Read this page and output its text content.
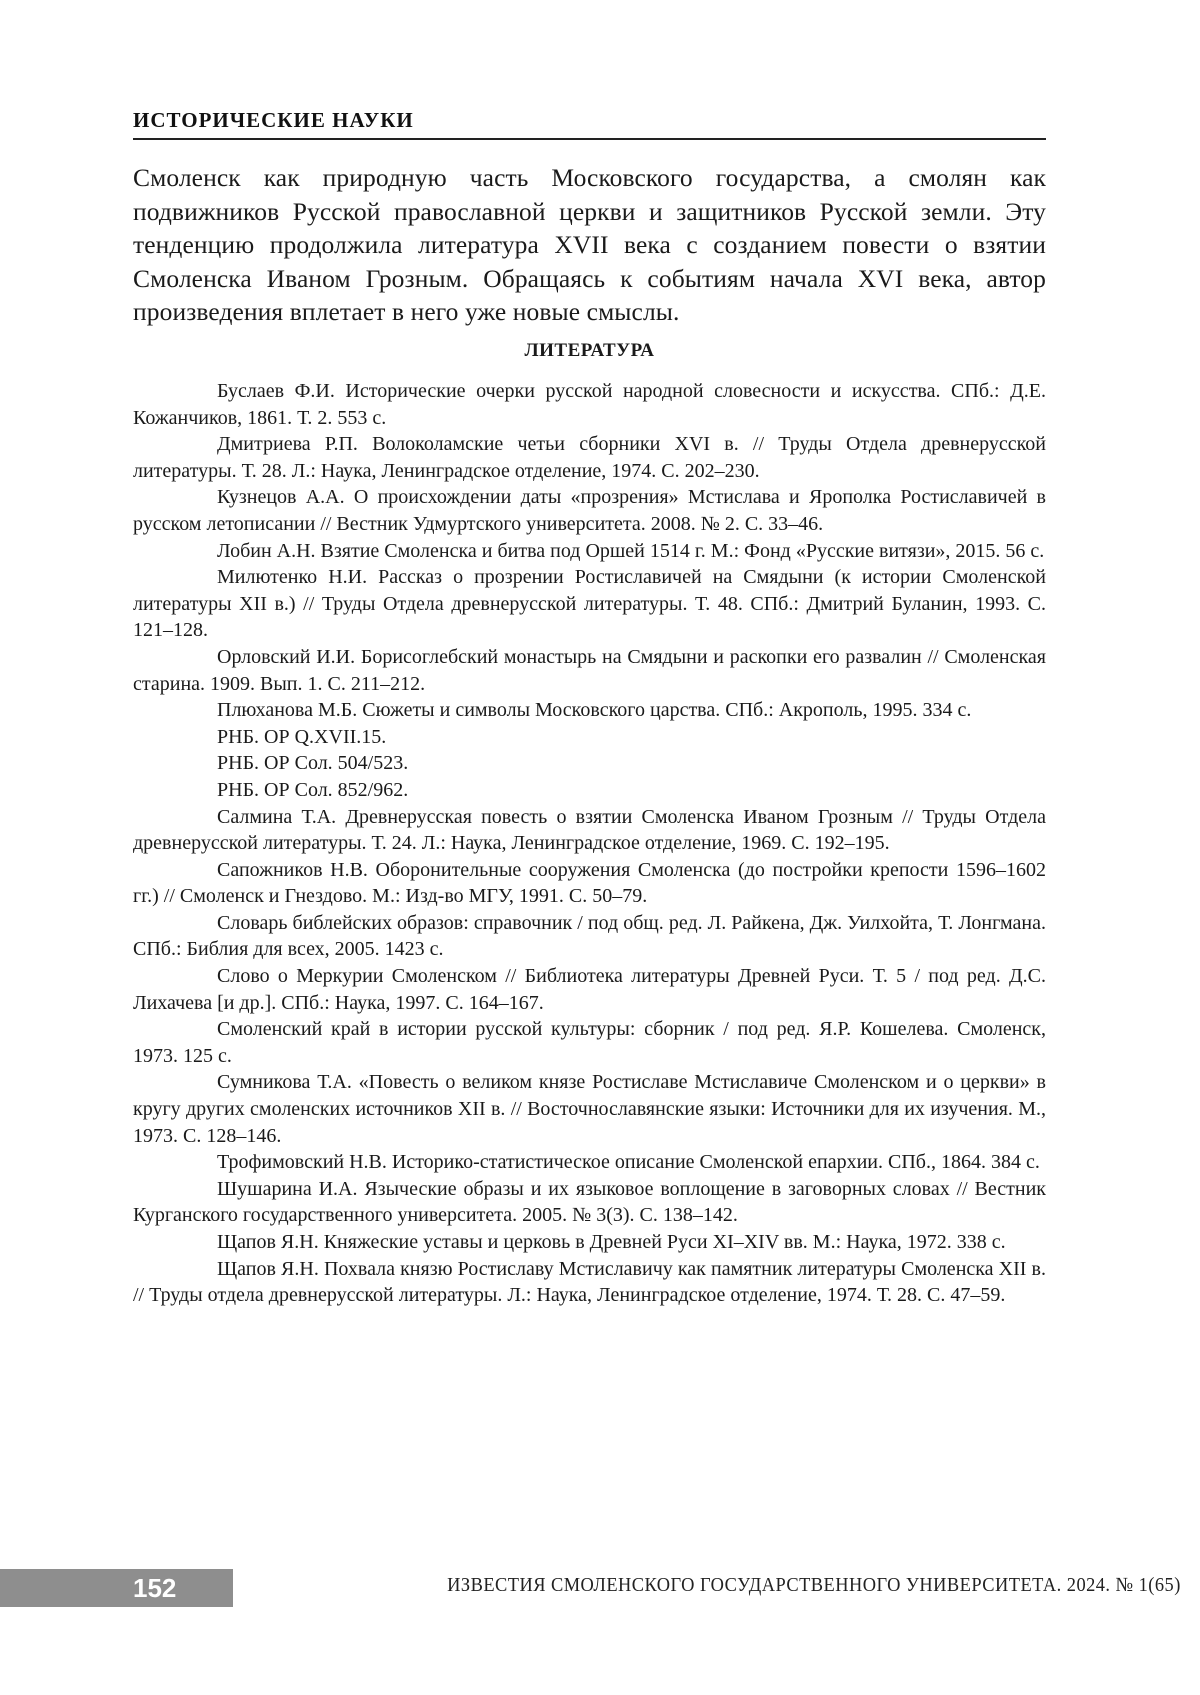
ИСТОРИЧЕСКИЕ НАУКИ
Смоленск как природную часть Московского государства, а смолян как подвижников Русской православной церкви и защитников Русской земли. Эту тенденцию продолжила литература XVII века с созданием повести о взятии Смоленска Иваном Грозным. Обращаясь к событиям начала XVI века, автор произведения вплетает в него уже новые смыслы.
ЛИТЕРАТУРА

Буслаев Ф.И. Исторические очерки русской народной словесности и искусства. СПб.: Д.Е. Кожанчиков, 1861. Т. 2. 553 с.

Дмитриева Р.П. Волоколамские четьи сборники XVI в. // Труды Отдела древнерусской литературы. Т. 28. Л.: Наука, Ленинградское отделение, 1974. С. 202–230.

Кузнецов А.А. О происхождении даты «прозрения» Мстислава и Ярополка Ростиславичей в русском летописании // Вестник Удмуртского университета. 2008. № 2. С. 33–46.

Лобин А.Н. Взятие Смоленска и битва под Оршей 1514 г. М.: Фонд «Русские витязи», 2015. 56 с.

Милютенко Н.И. Рассказ о прозрении Ростиславичей на Смядыни (к истории Смоленской литературы XII в.) // Труды Отдела древнерусской литературы. Т. 48. СПб.: Дмитрий Буланин, 1993. С. 121–128.

Орловский И.И. Борисоглебский монастырь на Смядыни и раскопки его развалин // Смоленская старина. 1909. Вып. 1. С. 211–212.

Плюханова М.Б. Сюжеты и символы Московского царства. СПб.: Акрополь, 1995. 334 с.

РНБ. ОР Q.XVII.15.

РНБ. ОР Сол. 504/523.

РНБ. ОР Сол. 852/962.

Салмина Т.А. Древнерусская повесть о взятии Смоленска Иваном Грозным // Труды Отдела древнерусской литературы. Т. 24. Л.: Наука, Ленинградское отделение, 1969. С. 192–195.

Сапожников Н.В. Оборонительные сооружения Смоленска (до постройки крепости 1596–1602 гг.) // Смоленск и Гнездово. М.: Изд-во МГУ, 1991. С. 50–79.

Словарь библейских образов: справочник / под общ. ред. Л. Райкена, Дж. Уилхойта, Т. Лонгмана. СПб.: Библия для всех, 2005. 1423 с.

Слово о Меркурии Смоленском // Библиотека литературы Древней Руси. Т. 5 / под ред. Д.С. Лихачева [и др.]. СПб.: Наука, 1997. С. 164–167.

Смоленский край в истории русской культуры: сборник / под ред. Я.Р. Кошелева. Смоленск, 1973. 125 с.

Сумникова Т.А. «Повесть о великом князе Ростиславе Мстиславиче Смоленском и о церкви» в кругу других смоленских источников XII в. // Восточнославянские языки: Источники для их изучения. М., 1973. С. 128–146.

Трофимовский Н.В. Историко-статистическое описание Смоленской епархии. СПб., 1864. 384 с.

Шушарина И.А. Языческие образы и их языковое воплощение в заговорных словах // Вестник Курганского государственного университета. 2005. № 3(3). С. 138–142.

Щапов Я.Н. Княжеские уставы и церковь в Древней Руси XI–XIV вв. М.: Наука, 1972. 338 с.

Щапов Я.Н. Похвала князю Ростиславу Мстиславичу как памятник литературы Смоленска XII в. // Труды отдела древнерусской литературы. Л.: Наука, Ленинградское отделение, 1974. Т. 28. С. 47–59.

152	ИЗВЕСТИЯ СМОЛЕНСКОГО ГОСУДАРСТВЕННОГО УНИВЕРСИТЕТА. 2024. № 1(65)
